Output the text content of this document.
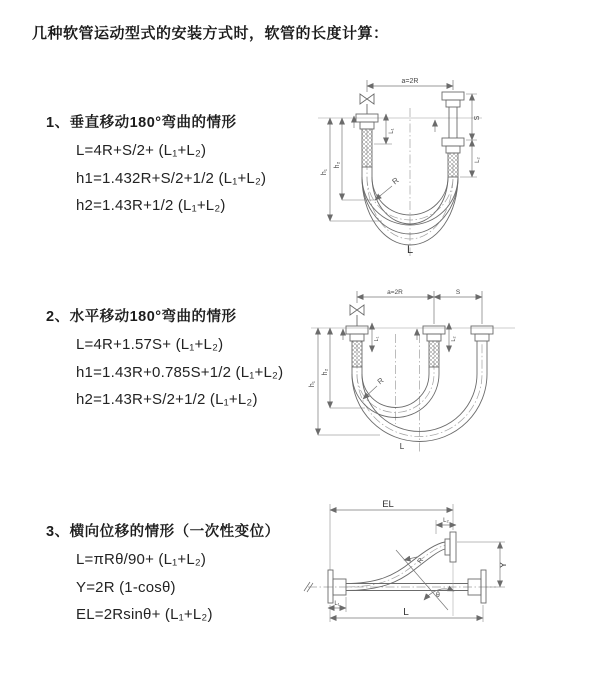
几种软管运动型式的安装方式时，软管的长度计算：
1、垂直移动180°弯曲的情形
L=4R+S/2+ (L₁+L₂)
h1=1.432R+S/2+1/2 (L₁+L₂)
h2=1.43R+1/2 (L₁+L₂)
2、水平移动180°弯曲的情形
L=4R+1.57S+ (L₁+L₂)
h1=1.43R+0.785S+1/2 (L₁+L₂)
h2=1.43R+S/2+1/2 (L₁+L₂)
3、横向位移的情形（一次性变位）
L=πRθ/90+ (L₁+L₂)
Y=2R (1-cosθ)
EL=2Rsinθ+ (L₁+L₂)
a=2R
h₁
h₂
L₁
S
L₂
R
L
a=2R	S
h₁
h₂
L₁	L₂
R
L
EL
L₂
Y
R
θ
L₁
L
